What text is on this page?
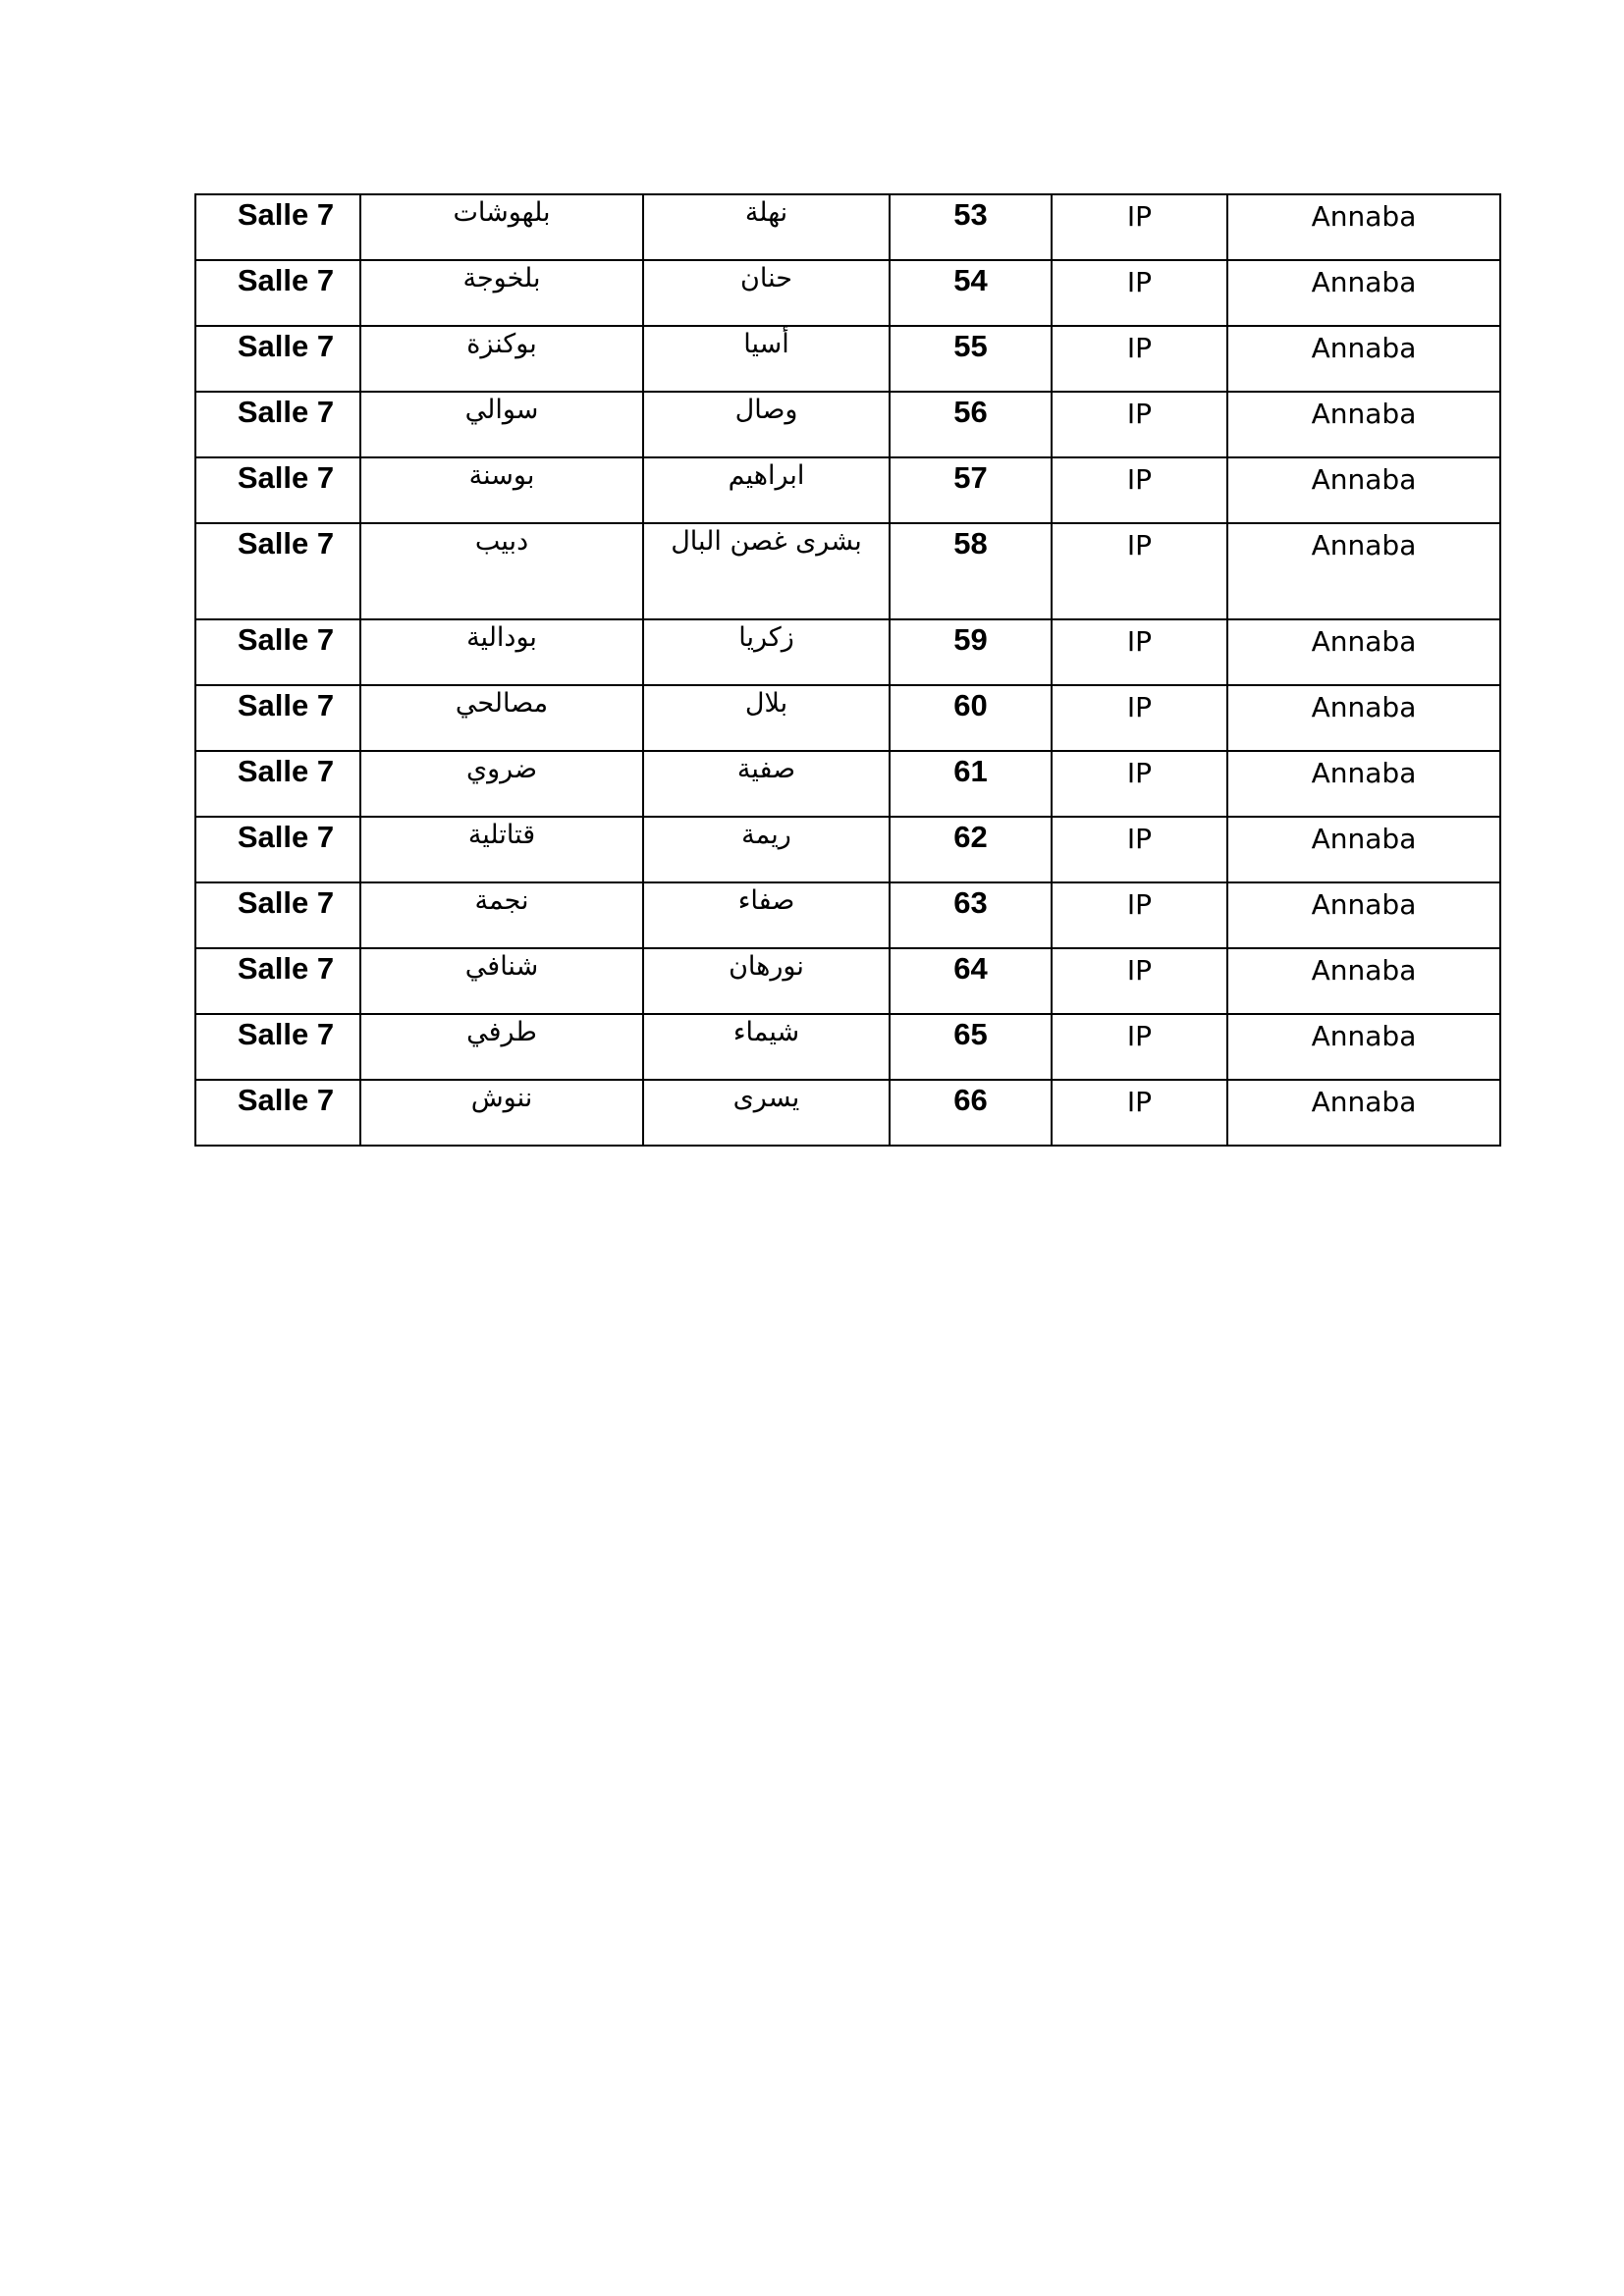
Salle 7	بلهوشات	نهلة	53	IP	Annaba
Salle 7	بلخوجة	حنان	54	IP	Annaba
Salle 7	بوكنزة	أسيا	55	IP	Annaba
Salle 7	سوالي	وصال	56	IP	Annaba
Salle 7	بوسنة	ابراهيم	57	IP	Annaba
Salle 7	دبيب	بشرى غصن البال	58	IP	Annaba
Salle 7	بودالية	زكريا	59	IP	Annaba
Salle 7	مصالحي	بلال	60	IP	Annaba
Salle 7	ضروي	صفية	61	IP	Annaba
Salle 7	قتاتلية	ريمة	62	IP	Annaba
Salle 7	نجمة	صفاء	63	IP	Annaba
Salle 7	شنافي	نورهان	64	IP	Annaba
Salle 7	طرفي	شيماء	65	IP	Annaba
Salle 7	ننوش	يسرى	66	IP	Annaba
